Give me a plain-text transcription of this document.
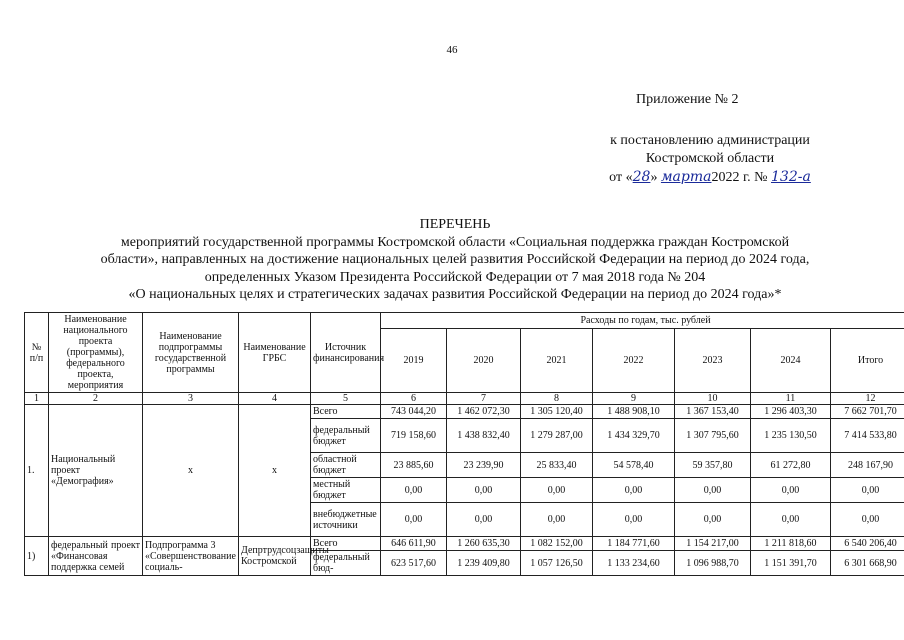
46
Приложение № 2
к постановлению администрации
Костромской области
от «28» марта2022 г. № 132-а
ПЕРЕЧЕНЬ
мероприятий государственной программы Костромской области «Социальная поддержка граждан Костромской
области», направленных на достижение национальных целей развития Российской Федерации на период до 2024 года,
определенных Указом Президента Российской Федерации от 7 мая 2018 года № 204
«О национальных целях и стратегических задачах развития Российской Федерации на период до 2024 года»*
№ п/п	Наименование национального проекта (программы), федерального проекта, мероприятия	Наименование подпрограммы государственной программы	Наименование ГРБС	Источник финансирования	Расходы по годам, тыс. рублей						
					2019	2020	2021	2022	2023	2024	Итого
1	2	3	4	5	6	7	8	9	10	11	12
1.	Национальный проект «Демография»	х	х	Всего	743 044,20	1 462 072,30	1 305 120,40	1 488 908,10	1 367 153,40	1 296 403,30	7 662 701,70
				федеральный бюджет	719 158,60	1 438 832,40	1 279 287,00	1 434 329,70	1 307 795,60	1 235 130,50	7 414 533,80
				областной бюджет	23 885,60	23 239,90	25 833,40	54 578,40	59 357,80	61 272,80	248 167,90
				местный бюджет	0,00	0,00	0,00	0,00	0,00	0,00	0,00
				внебюджетные источники	0,00	0,00	0,00	0,00	0,00	0,00	0,00
1)	федеральный проект «Финансовая поддержка семей	Подпрограмма 3 «Совершенствование социаль-	Депртрудсоцзащиты Костромской	Всего	646 611,90	1 260 635,30	1 082 152,00	1 184 771,60	1 154 217,00	1 211 818,60	6 540 206,40
				федеральный бюд-	623 517,60	1 239 409,80	1 057 126,50	1 133 234,60	1 096 988,70	1 151 391,70	6 301 668,90
